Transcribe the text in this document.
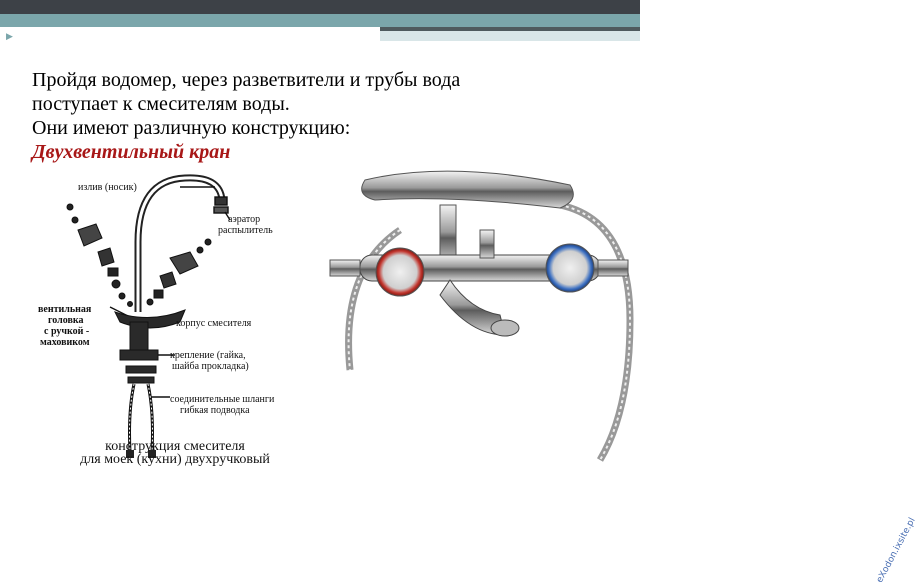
▶

Пройдя водомер, через разветвители и трубы вода

поступает к смесителям воды.

Они имеют различную конструкцию:

Двухвентильный кран

излив (носик)
аэратор
распылитель
вентильная
головка
с ручкой -
маховиком
корпус смесителя
крепление (гайка,
шайба прокладка)
соединительные шланги
гибкая подводка
конструкция смесителя
для моек (кухни) двухручковый
eXodon.ixsite.pl
